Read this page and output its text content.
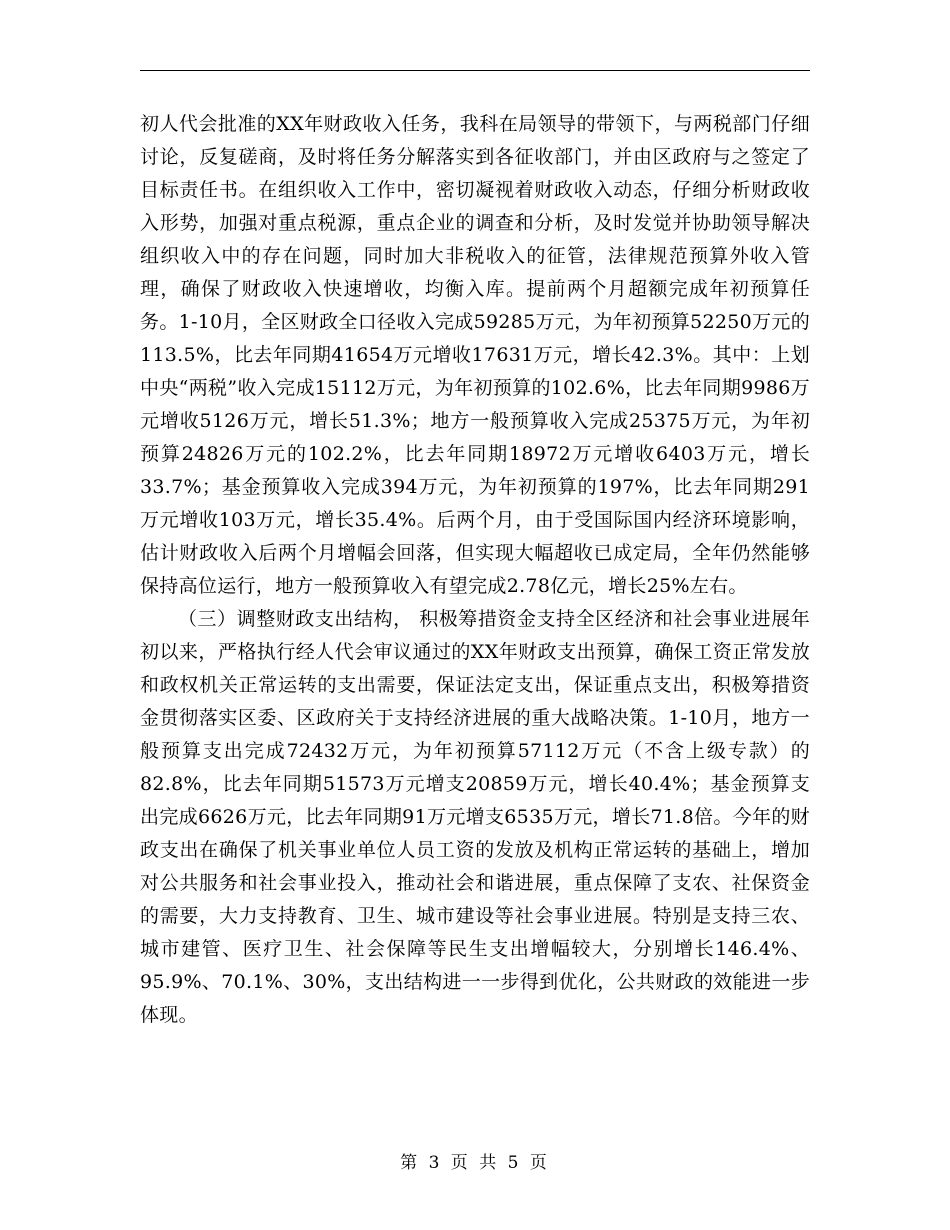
初人代会批准的XX年财政收入任务，我科在局领导的带领下，与两税部门仔细讨论，反复磋商，及时将任务分解落实到各征收部门，并由区政府与之签定了目标责任书。在组织收入工作中，密切凝视着财政收入动态，仔细分析财政收入形势，加强对重点税源，重点企业的调查和分析，及时发觉并协助领导解决组织收入中的存在问题，同时加大非税收入的征管，法律规范预算外收入管理，确保了财政收入快速增收，均衡入库。提前两个月超额完成年初预算任务。1-10月，全区财政全口径收入完成59285万元，为年初预算52250万元的113.5%，比去年同期41654万元增收17631万元，增长42.3%。其中：上划中央“两税”收入完成15112万元，为年初预算的102.6%，比去年同期9986万元增收5126万元，增长51.3%；地方一般预算收入完成25375万元，为年初预算24826万元的102.2%，比去年同期18972万元增收6403万元，增长33.7%；基金预算收入完成394万元，为年初预算的197%，比去年同期291万元增收103万元，增长35.4%。后两个月，由于受国际国内经济环境影响，估计财政收入后两个月增幅会回落，但实现大幅超收已成定局，全年仍然能够保持高位运行，地方一般预算收入有望完成2.78亿元，增长25%左右。

（三）调整财政支出结构， 积极筹措资金支持全区经济和社会事业进展年初以来，严格执行经人代会审议通过的XX年财政支出预算，确保工资正常发放和政权机关正常运转的支出需要，保证法定支出，保证重点支出，积极筹措资金贯彻落实区委、区政府关于支持经济进展的重大战略决策。1-10月，地方一般预算支出完成72432万元，为年初预算57112万元（不含上级专款）的82.8%，比去年同期51573万元增支20859万元，增长40.4%；基金预算支出完成6626万元，比去年同期91万元增支6535万元，增长71.8倍。今年的财政支出在确保了机关事业单位人员工资的发放及机构正常运转的基础上，增加对公共服务和社会事业投入，推动社会和谐进展，重点保障了支农、社保资金的需要，大力支持教育、卫生、城市建设等社会事业进展。特别是支持三农、城市建管、医疗卫生、社会保障等民生支出增幅较大，分别增长146.4%、95.9%、70.1%、30%，支出结构进一一步得到优化，公共财政的效能进一步体现。

第 3 页 共 5 页
